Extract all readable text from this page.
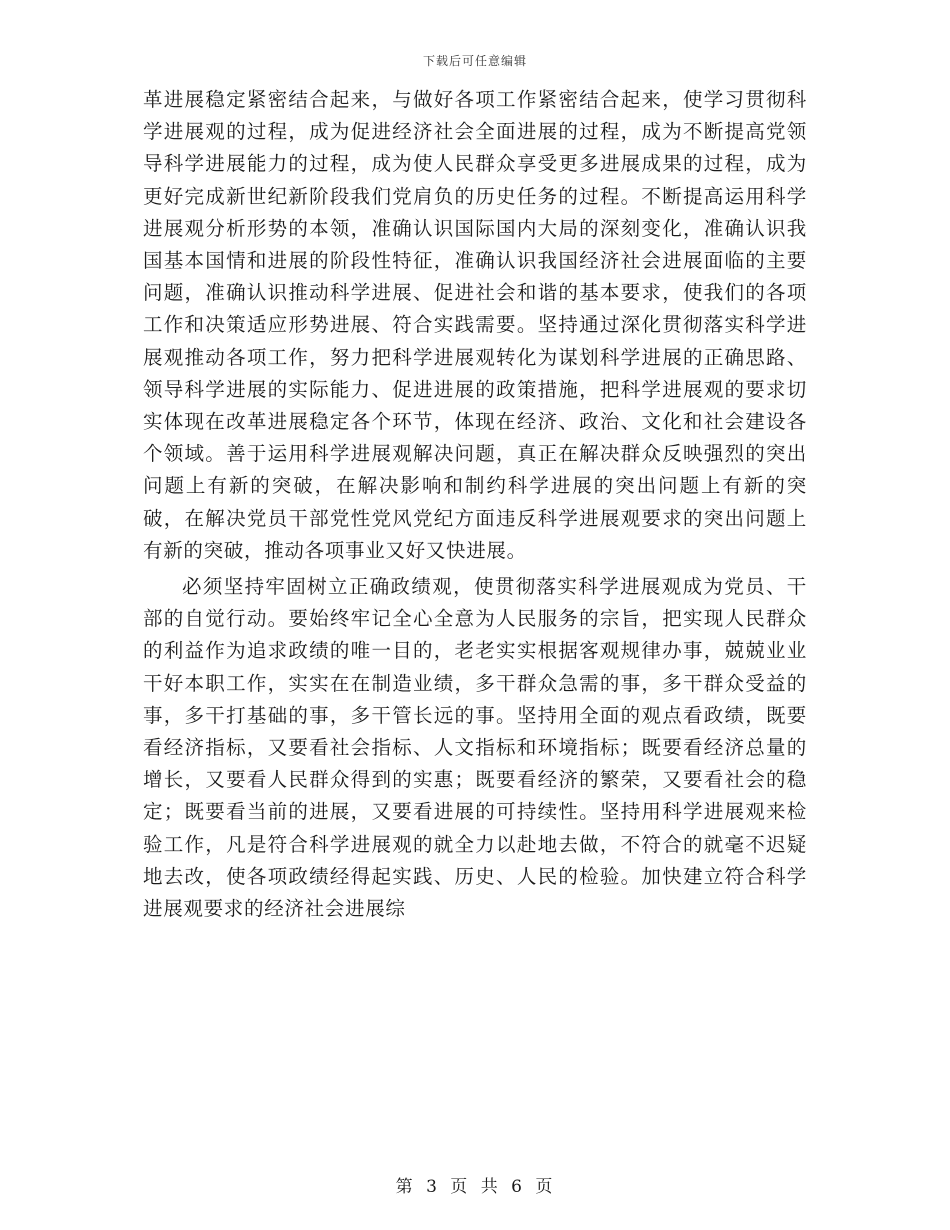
下载后可任意编辑

革进展稳定紧密结合起来，与做好各项工作紧密结合起来，使学习贯彻科学进展观的过程，成为促进经济社会全面进展的过程，成为不断提高党领导科学进展能力的过程，成为使人民群众享受更多进展成果的过程，成为更好完成新世纪新阶段我们党肩负的历史任务的过程。不断提高运用科学进展观分析形势的本领，准确认识国际国内大局的深刻变化，准确认识我国基本国情和进展的阶段性特征，准确认识我国经济社会进展面临的主要问题，准确认识推动科学进展、促进社会和谐的基本要求，使我们的各项工作和决策适应形势进展、符合实践需要。坚持通过深化贯彻落实科学进展观推动各项工作，努力把科学进展观转化为谋划科学进展的正确思路、领导科学进展的实际能力、促进进展的政策措施，把科学进展观的要求切实体现在改革进展稳定各个环节，体现在经济、政治、文化和社会建设各个领域。善于运用科学进展观解决问题，真正在解决群众反映强烈的突出问题上有新的突破，在解决影响和制约科学进展的突出问题上有新的突破，在解决党员干部党性党风党纪方面违反科学进展观要求的突出问题上有新的突破，推动各项事业又好又快进展。

必须坚持牢固树立正确政绩观，使贯彻落实科学进展观成为党员、干部的自觉行动。要始终牢记全心全意为人民服务的宗旨，把实现人民群众的利益作为追求政绩的唯一目的，老老实实根据客观规律办事，兢兢业业干好本职工作，实实在在制造业绩，多干群众急需的事，多干群众受益的事，多干打基础的事，多干管长远的事。坚持用全面的观点看政绩，既要看经济指标，又要看社会指标、人文指标和环境指标；既要看经济总量的增长，又要看人民群众得到的实惠；既要看经济的繁荣，又要看社会的稳定；既要看当前的进展，又要看进展的可持续性。坚持用科学进展观来检验工作，凡是符合科学进展观的就全力以赴地去做，不符合的就毫不迟疑地去改，使各项政绩经得起实践、历史、人民的检验。加快建立符合科学进展观要求的经济社会进展综

第 3 页 共 6 页
